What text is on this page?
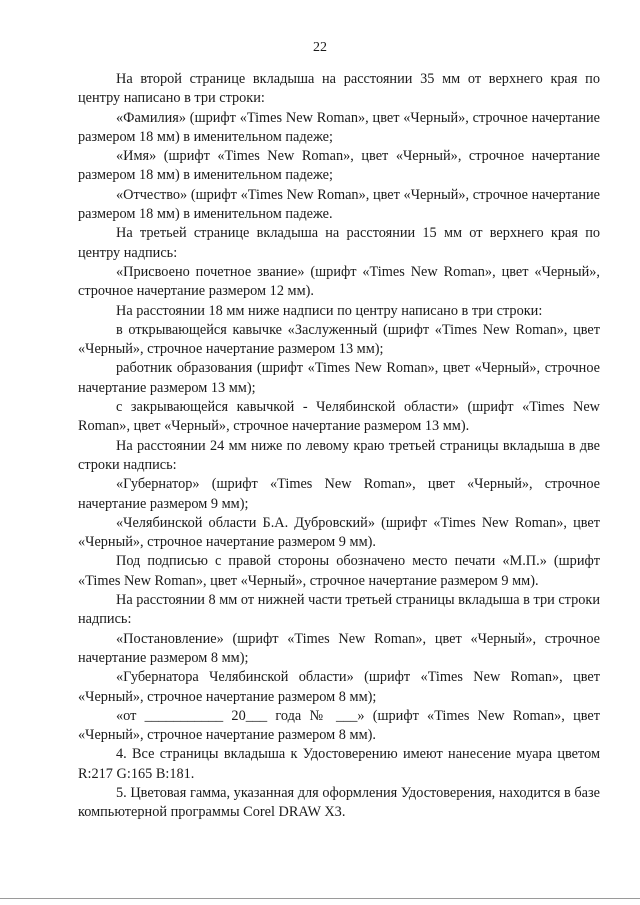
22

На второй странице вкладыша на расстоянии 35 мм от верхнего края по центру написано в три строки:

«Фамилия» (шрифт «Times New Roman», цвет «Черный», строчное начертание размером 18 мм) в именительном падеже;

«Имя» (шрифт «Times New Roman», цвет «Черный», строчное начертание размером 18 мм) в именительном падеже;

«Отчество» (шрифт «Times New Roman», цвет «Черный», строчное начертание размером 18 мм) в именительном падеже.

На третьей странице вкладыша на расстоянии 15 мм от верхнего края по центру надпись:

«Присвоено почетное звание» (шрифт «Times New Roman», цвет «Черный», строчное начертание размером 12 мм).

На расстоянии 18 мм ниже надписи по центру написано в три строки:

в открывающейся кавычке «Заслуженный (шрифт «Times New Roman», цвет «Черный», строчное начертание размером 13 мм);

работник образования (шрифт «Times New Roman», цвет «Черный», строчное начертание размером 13 мм);

с закрывающейся кавычкой - Челябинской области» (шрифт «Times New Roman», цвет «Черный», строчное начертание размером 13 мм).

На расстоянии 24 мм ниже по левому краю третьей страницы вкладыша в две строки надпись:

«Губернатор» (шрифт «Times New Roman», цвет «Черный», строчное начертание размером 9 мм);

«Челябинской области Б.А. Дубровский» (шрифт «Times New Roman», цвет «Черный», строчное начертание размером 9 мм).

Под подписью с правой стороны обозначено место печати «М.П.» (шрифт «Times New Roman», цвет «Черный», строчное начертание размером 9 мм).

На расстоянии 8 мм от нижней части третьей страницы вкладыша в три строки надпись:

«Постановление» (шрифт «Times New Roman», цвет «Черный», строчное начертание размером 8 мм);

«Губернатора Челябинской области» (шрифт «Times New Roman», цвет «Черный», строчное начертание размером 8 мм);

«от ___________ 20___ года № ___» (шрифт «Times New Roman», цвет «Черный», строчное начертание размером 8 мм).

4. Все страницы вкладыша к Удостоверению имеют нанесение муара цветом R:217 G:165 B:181.

5. Цветовая гамма, указанная для оформления Удостоверения, находится в базе компьютерной программы Corel DRAW X3.
